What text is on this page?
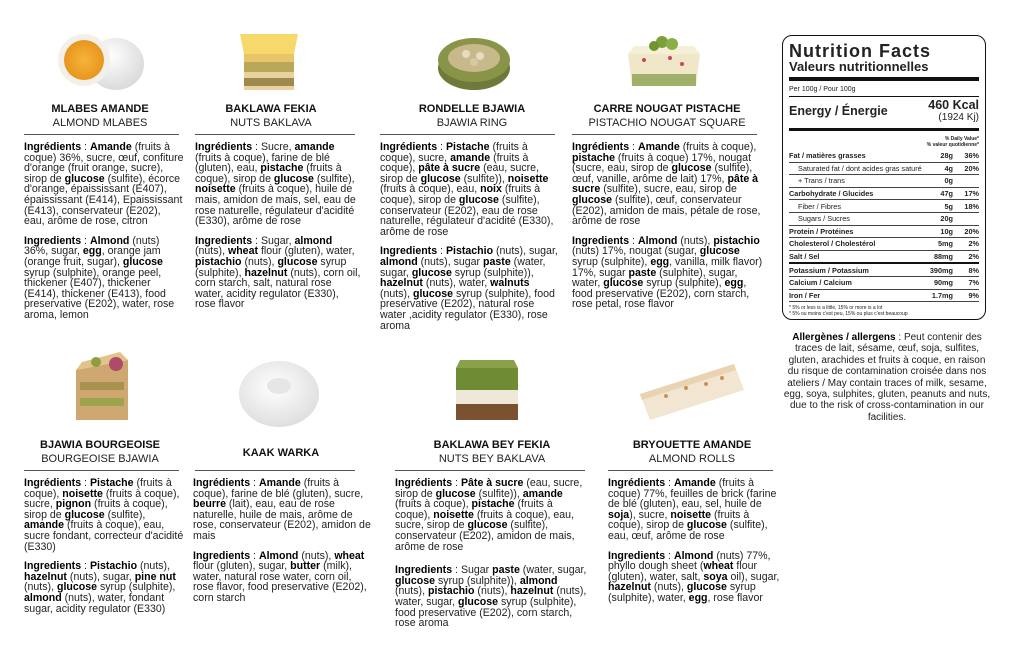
MLABES AMANDE
ALMOND MLABES

Ingrédients : Amande (fruits à coque) 36%, sucre, œuf, confiture d'orange (fruit orange, sucre), sirop de glucose (sulfite), écorce d'orange, épaississant (E407), épaississant (E414), Epaississant (E413), conservateur (E202), eau, arôme de rose, citron

Ingredients : Almond (nuts) 36%, sugar, egg, orange jam (orange fruit, sugar), glucose syrup (sulphite), orange peel, thickener (E407), thickener (E414), thickener (E413), food preservative (E202), water, rose aroma, lemon

BAKLAWA FEKIA
NUTS BAKLAVA

Ingrédients : Sucre, amande (fruits à coque), farine de blé (gluten), eau, pistache (fruits à coque), sirop de glucose (sulfite), noisette (fruits à coque), huile de mais, amidon de mais, sel, eau de rose naturelle, régulateur d'acidité (E330), arôme de rose

Ingredients : Sugar, almond (nuts), wheat flour (gluten), water, pistachio (nuts), glucose syrup (sulphite), hazelnut (nuts), corn oil, corn starch, salt, natural rose water, acidity regulator (E330), rose flavor

RONDELLE BJAWIA
BJAWIA RING

Ingrédients : Pistache (fruits à coque), sucre, amande (fruits à coque), pâte à sucre (eau, sucre, sirop de glucose (sulfite)), noisette (fruits à coque), eau, noix (fruits à coque), sirop de glucose (sulfite), conservateur (E202), eau de rose naturelle, régulateur d'acidité (E330), arôme de rose

Ingredients : Pistachio (nuts), sugar, almond (nuts), sugar paste (water, sugar, glucose syrup (sulphite)), hazelnut (nuts), water, walnuts (nuts), glucose syrup (sulphite), food preservative (E202), natural rose water ,acidity regulator (E330), rose aroma

CARRE NOUGAT PISTACHE
PISTACHIO NOUGAT SQUARE

Ingrédients : Amande (fruits à coque), pistache (fruits à coque) 17%, nougat (sucre, eau, sirop de glucose (sulfite), œuf, vanille, arôme de lait) 17%, pâte à sucre (sulfite), sucre, eau, sirop de glucose (sulfite), œuf, conservateur (E202), amidon de mais, pétale de rose, arôme de rose

Ingredients : Almond (nuts), pistachio (nuts) 17%, nougat (sugar, glucose syrup (sulphite), egg, vanilla, milk flavor) 17%, sugar paste (sulphite), sugar, water, glucose syrup (sulphite), egg, food preservative (E202), corn starch, rose petal, rose flavor

BJAWIA BOURGEOISE
BOURGEOISE BJAWIA

Ingrédients : Pistache (fruits à coque), noisette (fruits à coque), sucre, pignon (fruits à coque), sirop de glucose (sulfite), amande (fruits à coque), eau, sucre fondant, correcteur d'acidité (E330)

Ingredients : Pistachio (nuts), hazelnut (nuts), sugar, pine nut (nuts), glucose syrup (sulphite), almond (nuts), water, fondant sugar, acidity regulator (E330)

KAAK WARKA

Ingrédients : Amande (fruits à coque), farine de blé (gluten), sucre, beurre (lait), eau, eau de rose naturelle, huile de mais, arôme de rose, conservateur (E202), amidon de mais

Ingredients : Almond (nuts), wheat flour (gluten), sugar, butter (milk), water, natural rose water, corn oil, rose flavor, food preservative (E202), corn starch

BAKLAWA BEY FEKIA
NUTS BEY BAKLAVA

Ingrédients : Pâte à sucre (eau, sucre, sirop de glucose (sulfite)), amande (fruits à coque), pistache (fruits à coque), noisette (fruits à coque), eau, sucre, sirop de glucose (sulfite), conservateur (E202), amidon de mais, arôme de rose

Ingredients : Sugar paste (water, sugar, glucose syrup (sulphite)), almond (nuts), pistachio (nuts), hazelnut (nuts), water, sugar, glucose syrup (sulphite), food preservative (E202), corn starch, rose aroma

BRYOUETTE AMANDE
ALMOND ROLLS

Ingrédients : Amande (fruits à coque) 77%, feuilles de brick (farine de blé (gluten), eau, sel, huile de soja), sucre, noisette (fruits à coque), sirop de glucose (sulfite), eau, œuf, arôme de rose

Ingredients : Almond (nuts) 77%, phyllo dough sheet (wheat flour (gluten), water, salt, soya oil), sugar, hazelnut (nuts), glucose syrup (sulphite), water, egg, rose flavor

Nutrition Facts
Valeurs nutritionnelles
Per 100g / Pour 100g
Energy / Énergie	460 Kcal
(1924 Kj)
% Daily Value*
% valeur quotidienne*
Fat / matières grasses	28g	36%
Saturated fat / dont acides gras saturé	4g	20%
+ Trans / trans	0g	
Carbohydrate / Glucides	47g	17%
Fiber / Fibres	5g	18%
Sugars / Sucres	20g	
Protein / Protéines	10g	20%
Cholesterol / Cholestérol	5mg	2%
Salt / Sel	88mg	2%
Potassium / Potassium	390mg	8%
Calcium / Calcium	90mg	7%
Iron / Fer	1.7mg	9%
* 5% or less is a little, 15% or more is a lot
* 5% ou moins c'est peu, 15% ou plus c'est beaucoup
Allergènes / allergens : Peut contenir des traces de lait, sésame, œuf, soja, sulfites, gluten, arachides et fruits à coque, en raison du risque de contamination croisée dans nos ateliers / May contain traces of milk, sesame, egg, soya, sulphites, gluten, peanuts and nuts, due to the risk of cross-contamination in our facilities.
